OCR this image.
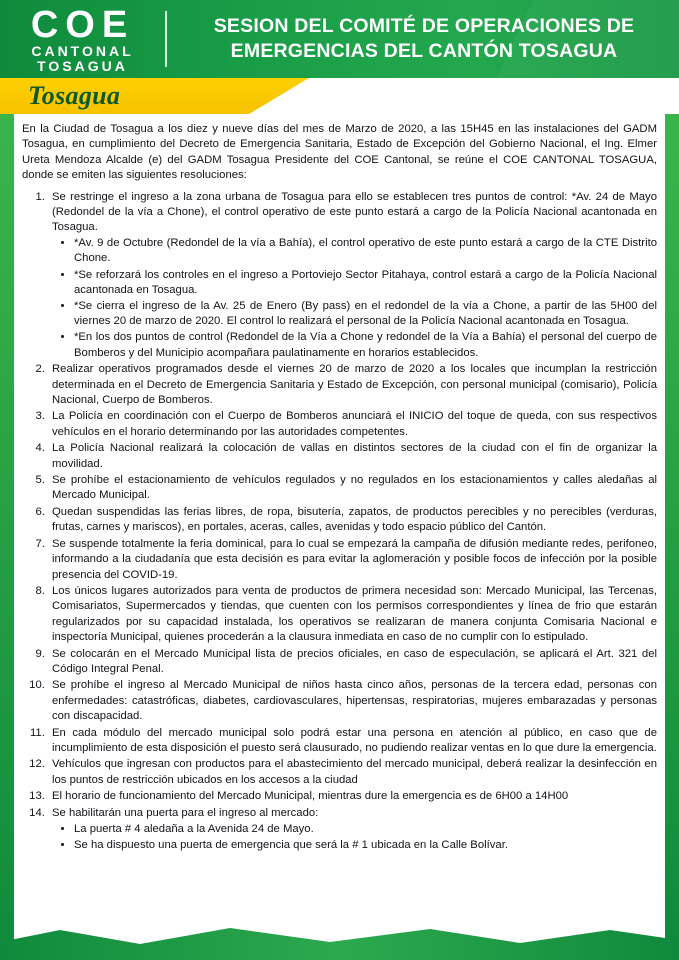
COE
CANTONAL
TOSAGUA
SESION DEL COMITÉ DE OPERACIONES DE EMERGENCIAS DEL CANTÓN TOSAGUA
Tosagua

En la Ciudad de Tosagua a los diez y nueve días del mes de Marzo de 2020, a las 15H45 en las instalaciones del GADM Tosagua, en cumplimiento del Decreto de Emergencia Sanitaria, Estado de Excepción del Gobierno Nacional, el Ing. Elmer Ureta Mendoza Alcalde (e) del GADM Tosagua Presidente del COE Cantonal, se reúne el COE CANTONAL TOSAGUA, donde se emiten las siguientes resoluciones:

1. Se restringe el ingreso a la zona urbana de Tosagua para ello se establecen tres puntos de control: *Av. 24 de Mayo (Redondel de la vía a Chone), el control operativo de este punto estará a cargo de la Policía Nacional acantonada en Tosagua.
• *Av. 9 de Octubre (Redondel de la vía a Bahía), el control operativo de este punto estará a cargo de la CTE Distrito Chone.
• *Se reforzará los controles en el ingreso a Portoviejo Sector Pitahaya, control estará a cargo de la Policía Nacional acantonada en Tosagua.
• *Se cierra el ingreso de la Av. 25 de Enero (By pass) en el redondel de la vía a Chone, a partir de las 5H00 del viernes 20 de marzo de 2020. El control lo realizará el personal de la Policía Nacional acantonada en Tosagua.
• *En los dos puntos de control (Redondel de la Vía a Chone y redondel de la Vía a Bahía) el personal del cuerpo de Bomberos y del Municipio acompañara paulatinamente en horarios establecidos.
2. Realizar operativos programados desde el viernes 20 de marzo de 2020 a los locales que incumplan la restricción determinada en el Decreto de Emergencia Sanitaria y Estado de Excepción, con personal municipal (comisario), Policía Nacional, Cuerpo de Bomberos.
3. La Policía en coordinación con el Cuerpo de Bomberos anunciará el INICIO del toque de queda, con sus respectivos vehículos en el horario determinando por las autoridades competentes.
4. La Policía Nacional realizará la colocación de vallas en distintos sectores de la ciudad con el fin de organizar la movilidad.
5. Se prohíbe el estacionamiento de vehículos regulados y no regulados en los estacionamientos y calles aledañas al Mercado Municipal.
6. Quedan suspendidas las ferias libres, de ropa, bisutería, zapatos, de productos perecibles y no perecibles (verduras, frutas, carnes y mariscos), en portales, aceras, calles, avenidas y todo espacio público del Cantón.
7. Se suspende totalmente la feria dominical, para lo cual se empezará la campaña de difusión mediante redes, perifoneo, informando a la ciudadanía que esta decisión es para evitar la aglomeración y posible focos de infección por la posible presencia del COVID-19.
8. Los únicos lugares autorizados para venta de productos de primera necesidad son: Mercado Municipal, las Tercenas, Comisariatos, Supermercados y tiendas, que cuenten con los permisos correspondientes y línea de frio que estarán regularizados por su capacidad instalada, los operativos se realizaran de manera conjunta Comisaria Nacional e inspectoría Municipal, quienes procederán a la clausura inmediata en caso de no cumplir con lo estipulado.
9. Se colocarán en el Mercado Municipal lista de precios oficiales, en caso de especulación, se aplicará el Art. 321 del Código Integral Penal.
10. Se prohíbe el ingreso al Mercado Municipal de niños hasta cinco años, personas de la tercera edad, personas con enfermedades: catastróficas, diabetes, cardiovasculares, hipertensas, respiratorias, mujeres embarazadas y personas con discapacidad.
11. En cada módulo del mercado municipal solo podrá estar una persona en atención al público, en caso que de incumplimiento de esta disposición el puesto será clausurado, no pudiendo realizar ventas en lo que dure la emergencia.
12. Vehículos que ingresan con productos para el abastecimiento del mercado municipal, deberá realizar la desinfección en los puntos de restricción ubicados en los accesos a la ciudad
13. El horario de funcionamiento del Mercado Municipal, mientras dure la emergencia es de 6H00 a 14H00
14. Se habilitarán una puerta para el ingreso al mercado:
• La puerta # 4 aledaña a la Avenida 24 de Mayo.
• Se ha dispuesto una puerta de emergencia que será la # 1 ubicada en la Calle Bolívar.
